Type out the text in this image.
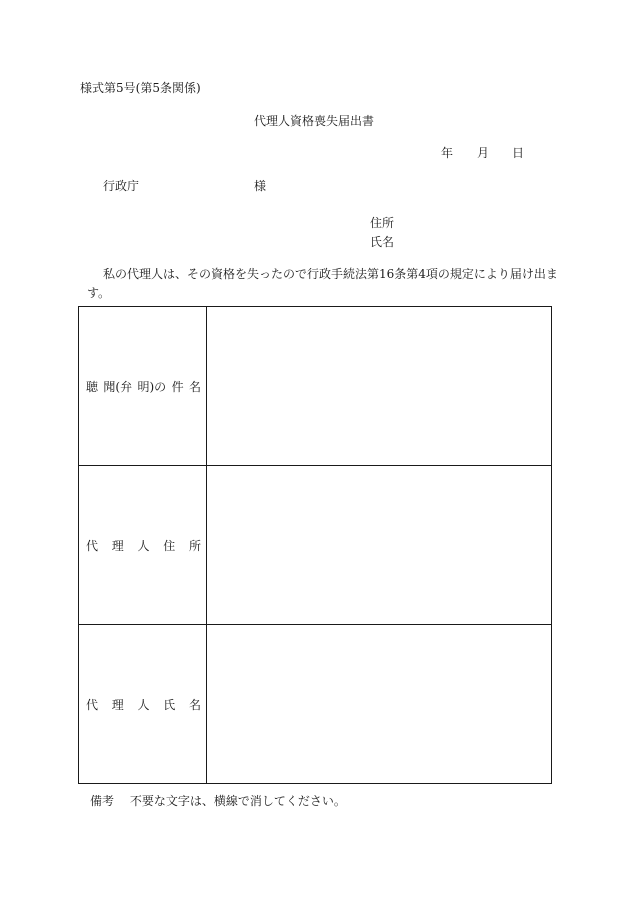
様式第5号(第5条関係)
代理人資格喪失届出書
年 月 日
行政庁	様
住所
氏名
私の代理人は、その資格を失ったので行政手続法第16条第4項の規定により届け出ま
す。
聴 聞(弁 明)の 件 名	

代 理 人 住 所	

代 理 人 氏 名	

備考 不要な文字は、横線で消してください。
